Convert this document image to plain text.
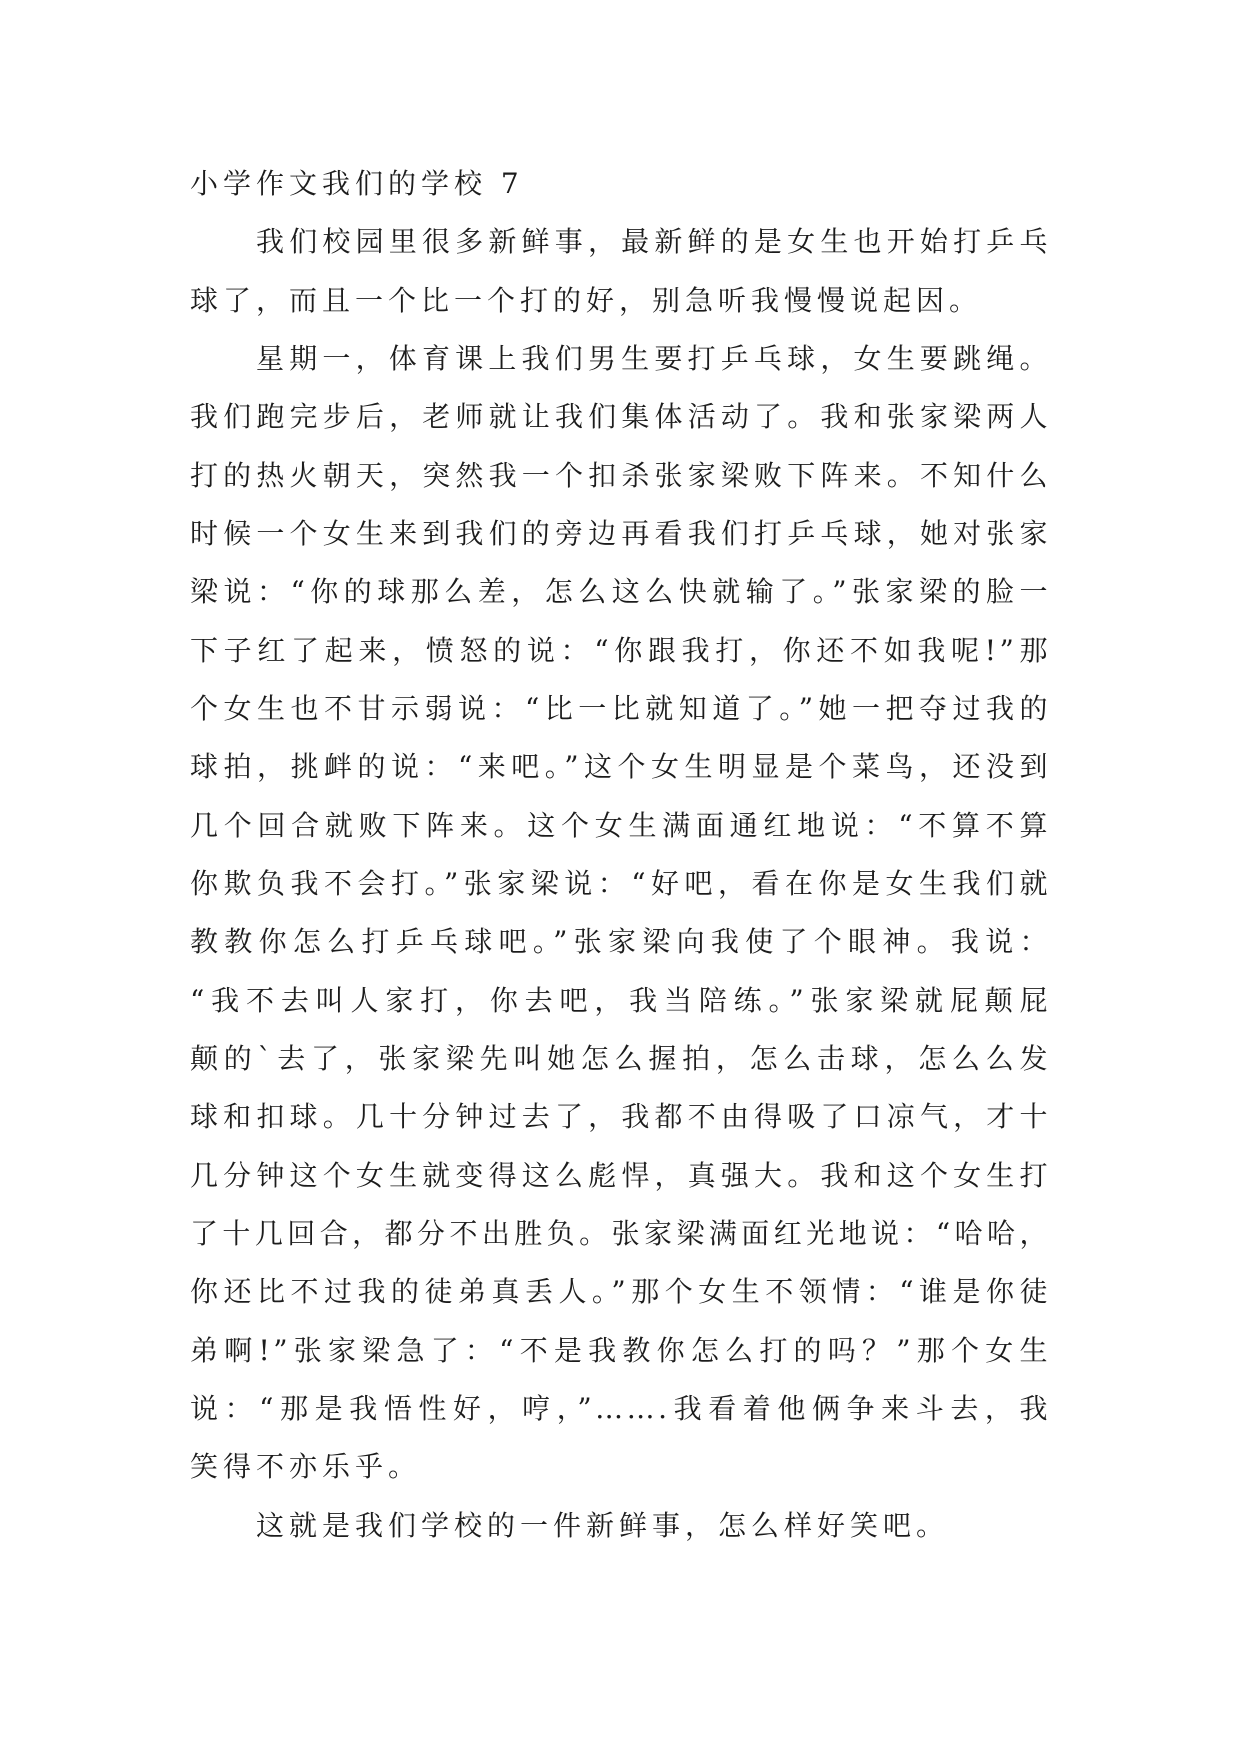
小学作文我们的学校 7
我们校园里很多新鲜事，最新鲜的是女生也开始打乒乓
球了，而且一个比一个打的好，别急听我慢慢说起因。
星期一，体育课上我们男生要打乒乓球，女生要跳绳。
我们跑完步后，老师就让我们集体活动了。我和张家梁两人
打的热火朝天，突然我一个扣杀张家梁败下阵来。不知什么
时候一个女生来到我们的旁边再看我们打乒乓球，她对张家
梁说：“你的球那么差，怎么这么快就输了。”张家梁的脸一
下子红了起来，愤怒的说：“你跟我打，你还不如我呢!”那
个女生也不甘示弱说：“比一比就知道了。”她一把夺过我的
球拍，挑衅的说：“来吧。”这个女生明显是个菜鸟，还没到
几个回合就败下阵来。这个女生满面通红地说：“不算不算
你欺负我不会打。”张家梁说：“好吧，看在你是女生我们就
教教你怎么打乒乓球吧。”张家梁向我使了个眼神。我说：
“我不去叫人家打，你去吧，我当陪练。”张家梁就屁颠屁
颠的`去了，张家梁先叫她怎么握拍，怎么击球，怎么么发
球和扣球。几十分钟过去了，我都不由得吸了口凉气，才十
几分钟这个女生就变得这么彪悍，真强大。我和这个女生打
了十几回合，都分不出胜负。张家梁满面红光地说：“哈哈，
你还比不过我的徒弟真丢人。”那个女生不领情：“谁是你徒
弟啊!”张家梁急了：“不是我教你怎么打的吗？”那个女生
说：“那是我悟性好，哼，”…….我看着他俩争来斗去，我
笑得不亦乐乎。
这就是我们学校的一件新鲜事，怎么样好笑吧。
